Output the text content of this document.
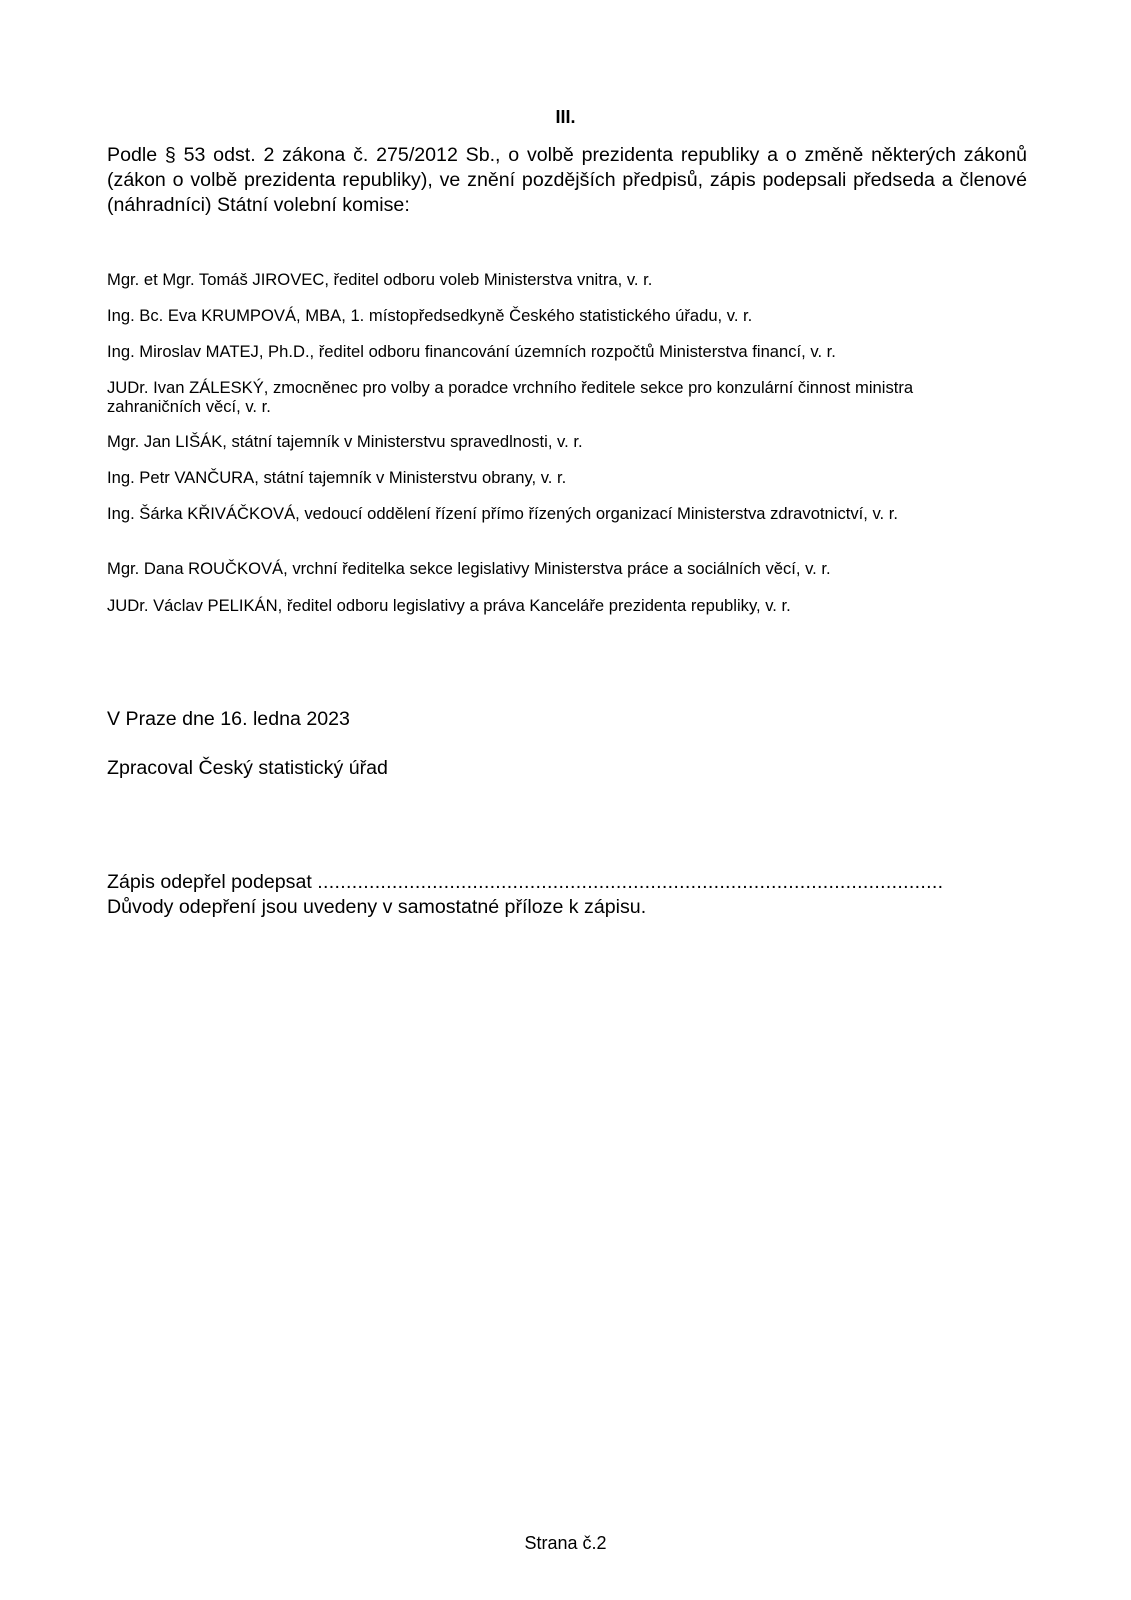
III.

Podle § 53 odst. 2 zákona č. 275/2012 Sb., o volbě prezidenta republiky a o změně některých zákonů (zákon o volbě prezidenta republiky), ve znění pozdějších předpisů, zápis podepsali předseda a členové (náhradníci) Státní volební komise:

Mgr. et Mgr. Tomáš JIROVEC, ředitel odboru voleb Ministerstva vnitra, v. r.
Ing. Bc. Eva KRUMPOVÁ, MBA, 1. místopředsedkyně Českého statistického úřadu, v. r.
Ing. Miroslav MATEJ, Ph.D., ředitel odboru financování územních rozpočtů Ministerstva financí, v. r.
JUDr. Ivan ZÁLESKÝ, zmocněnec pro volby a poradce vrchního ředitele sekce pro konzulární činnost ministra zahraničních věcí, v. r.
Mgr. Jan LIŠÁK, státní tajemník v Ministerstvu spravedlnosti, v. r.
Ing. Petr VANČURA, státní tajemník v Ministerstvu obrany, v. r.
Ing. Šárka KŘIVÁČKOVÁ, vedoucí oddělení řízení přímo řízených organizací Ministerstva zdravotnictví, v. r.
Mgr. Dana ROUČKOVÁ, vrchní ředitelka sekce legislativy Ministerstva práce a sociálních věcí, v. r.
JUDr. Václav PELIKÁN, ředitel odboru legislativy a práva Kanceláře prezidenta republiky, v. r.
V Praze dne 16. ledna 2023
Zpracoval Český statistický úřad
Zápis odepřel podepsat .............................................................................................................
Důvody odepření jsou uvedeny v samostatné příloze k zápisu.
Strana č.2
